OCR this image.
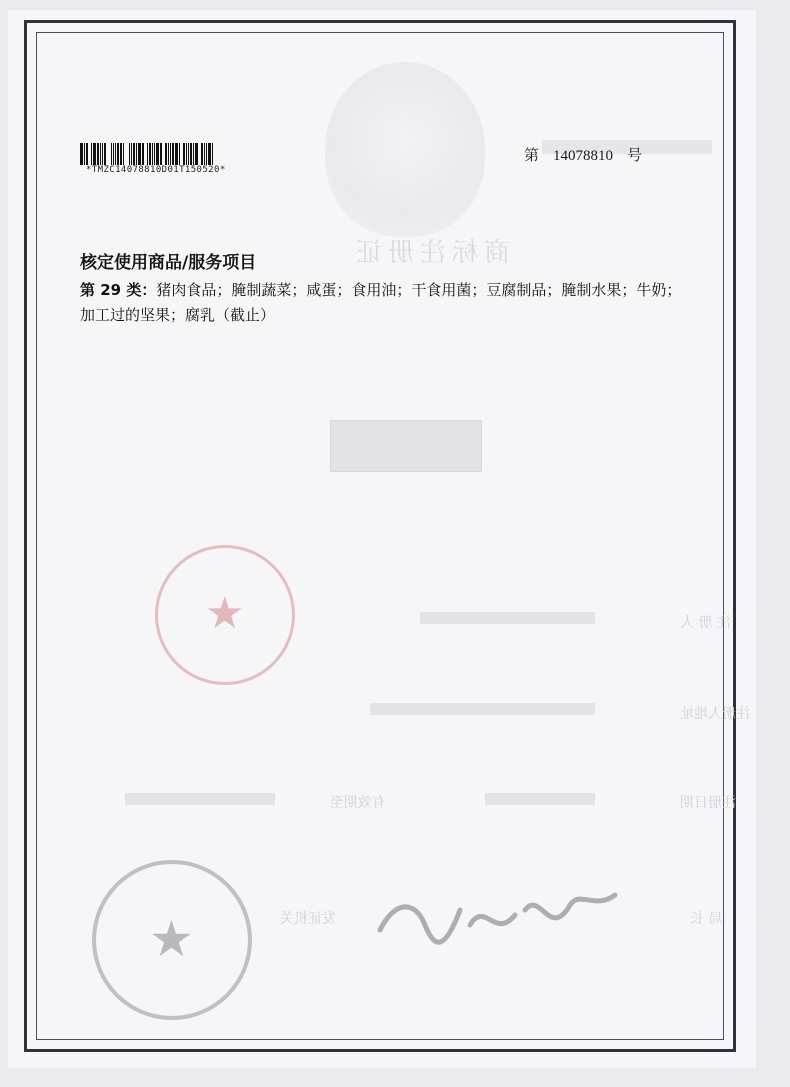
商标注册证
*TMZC14078810D01T150520*
第 14078810 号
核定使用商品/服务项目
第 29 类：猪肉食品；腌制蔬菜；咸蛋；食用油；干食用菌；豆腐制品；腌制水果；牛奶；加工过的坚果；腐乳（截止）
注 册 人
注册人地址
注册日期
有效期至
局 长
发证机关
★
★
